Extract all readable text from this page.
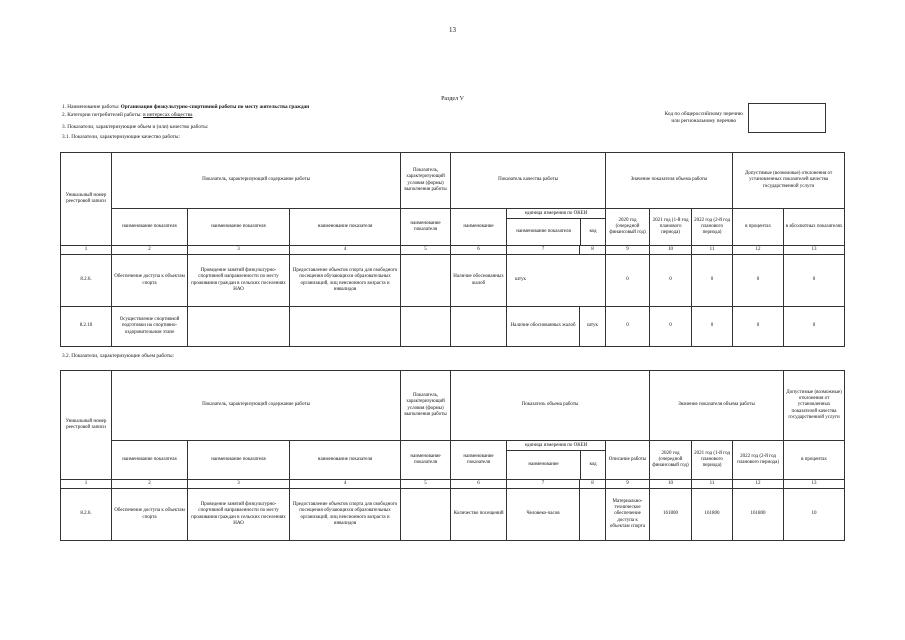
13
Раздел V
1. Наименование работы: Организация физкультурно-спортивной работы по месту жительства граждан
2. Категории потребителей работы: в интересах общества
3. Показатели, характеризующие объем и (или) качество работы:
3.1. Показатели, характеризующие качество работы:
Код по общероссийскому перечню или региональному перечню	
Уникальный номер реестровой записи	Показатель, характеризующий содержание работы			Показатель, характеризующий условия (формы) выполнения работы	Показатель качества работы			Значение показателя объема работы			Допустимые (возможные) отклонения от установленных показателей качества государственной услуги	
	наименование показателя	наименование показателя	наименование показателя	наименование показателя	наименование	единица измерения по ОКЕИ
наименование показателя код		2020 год (очередной финансовый год)	2021 год (1-й год планового периода)	2022 год (2-й год планового периода)	в процентах	в абсолютных показателях
1	2	3	4	5	6	7	8	9	10	11	12	13
8.2.6.	Обеспечение доступа к объектам спорта	Проведение занятий физкультурно-спортивной направленности по месту проживания граждан в сельских поселениях НАО	Предоставление объектов спорта для свободного посещения обучающихся образовательных организаций, лиц пенсионного возраста и инвалидов		Наличие обоснованных жалоб	штук		0	0	0	0	0
8.2.10	Осуществление спортивной подготовки на спортивно-оздоровительном этапе					Наличие обоснованных жалоб	штук	0	0	0	0	0
3.2. Показатели, характеризующие объем работы:
Уникальный номер реестровой записи	Показатель, характеризующий содержание работы			Показатель, характеризующий условия (формы) выполнения работы	Показатель объема работы				Значение показателя объема работы			Допустимые (возможные) отклонения от установленных показателей качества государственной услуги
	наименование показателя	наименование показателя	наименование показателя	наименование показателя	наименование показателя	единица измерения по ОКЕИ
наименование код		Описание работы	2020 год (очередной финансовый год)	2021 год (1-й год планового периода)	2022 год (2-й год планового периода)	в процентах
1	2	3	4	5	6	7	8	9	10	11	12	13
8.2.6.	Обеспечение доступа к объектам спорта	Проведение занятий физкультурно-спортивной направленности по месту проживания граждан в сельских поселениях НАО	Предоставление объектов спорта для свободного посещения обучающихся образовательных организаций, лиц пенсионного возраста и инвалидов		Количество посещений	Человеко-часов		Материально-техническое обеспечение доступа к объектам спорта	161800	161800	161800	10
